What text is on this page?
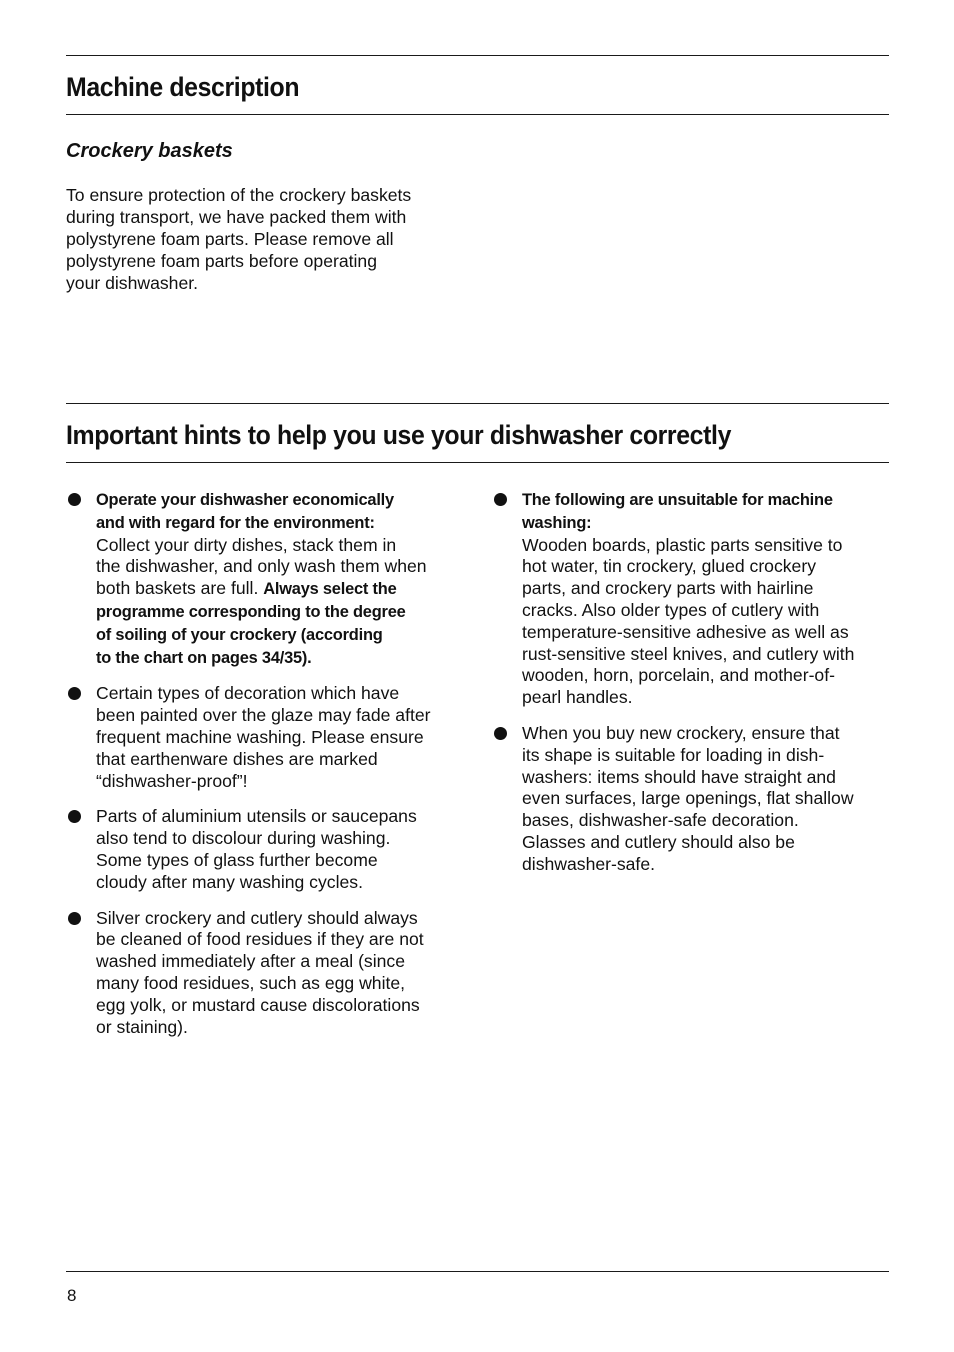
Machine description
Crockery baskets
To ensure protection of the crockery baskets
during transport, we have packed them with
polystyrene foam parts. Please remove all
polystyrene foam parts before operating
your dishwasher.
Important hints to help you use your dishwasher correctly
Operate your dishwasher economically
and with regard for the environment:
Collect your dirty dishes, stack them in
the dishwasher, and only wash them when
both baskets are full. Always select the
programme corresponding to the degree
of soiling of your crockery (according
to the chart on pages 34/35).
Certain types of decoration which have
been painted over the glaze may fade after
frequent machine washing. Please ensure
that earthenware dishes are marked
“dishwasher-proof”!
Parts of aluminium utensils or saucepans
also tend to discolour during washing.
Some types of glass further become
cloudy after many washing cycles.
Silver crockery and cutlery should always
be cleaned of food residues if they are not
washed immediately after a meal (since
many food residues, such as egg white,
egg yolk, or mustard cause discolorations
or staining).
The following are unsuitable for machine
washing:
Wooden boards, plastic parts sensitive to
hot water, tin crockery, glued crockery
parts, and crockery parts with hairline
cracks. Also older types of cutlery with
temperature-sensitive adhesive as well as
rust-sensitive steel knives, and cutlery with
wooden, horn, porcelain, and mother-of-
pearl handles.
When you buy new crockery, ensure that
its shape is suitable for loading in dish-
washers: items should have straight and
even surfaces, large openings, flat shallow
bases, dishwasher-safe decoration.
Glasses and cutlery should also be
dishwasher-safe.
8
